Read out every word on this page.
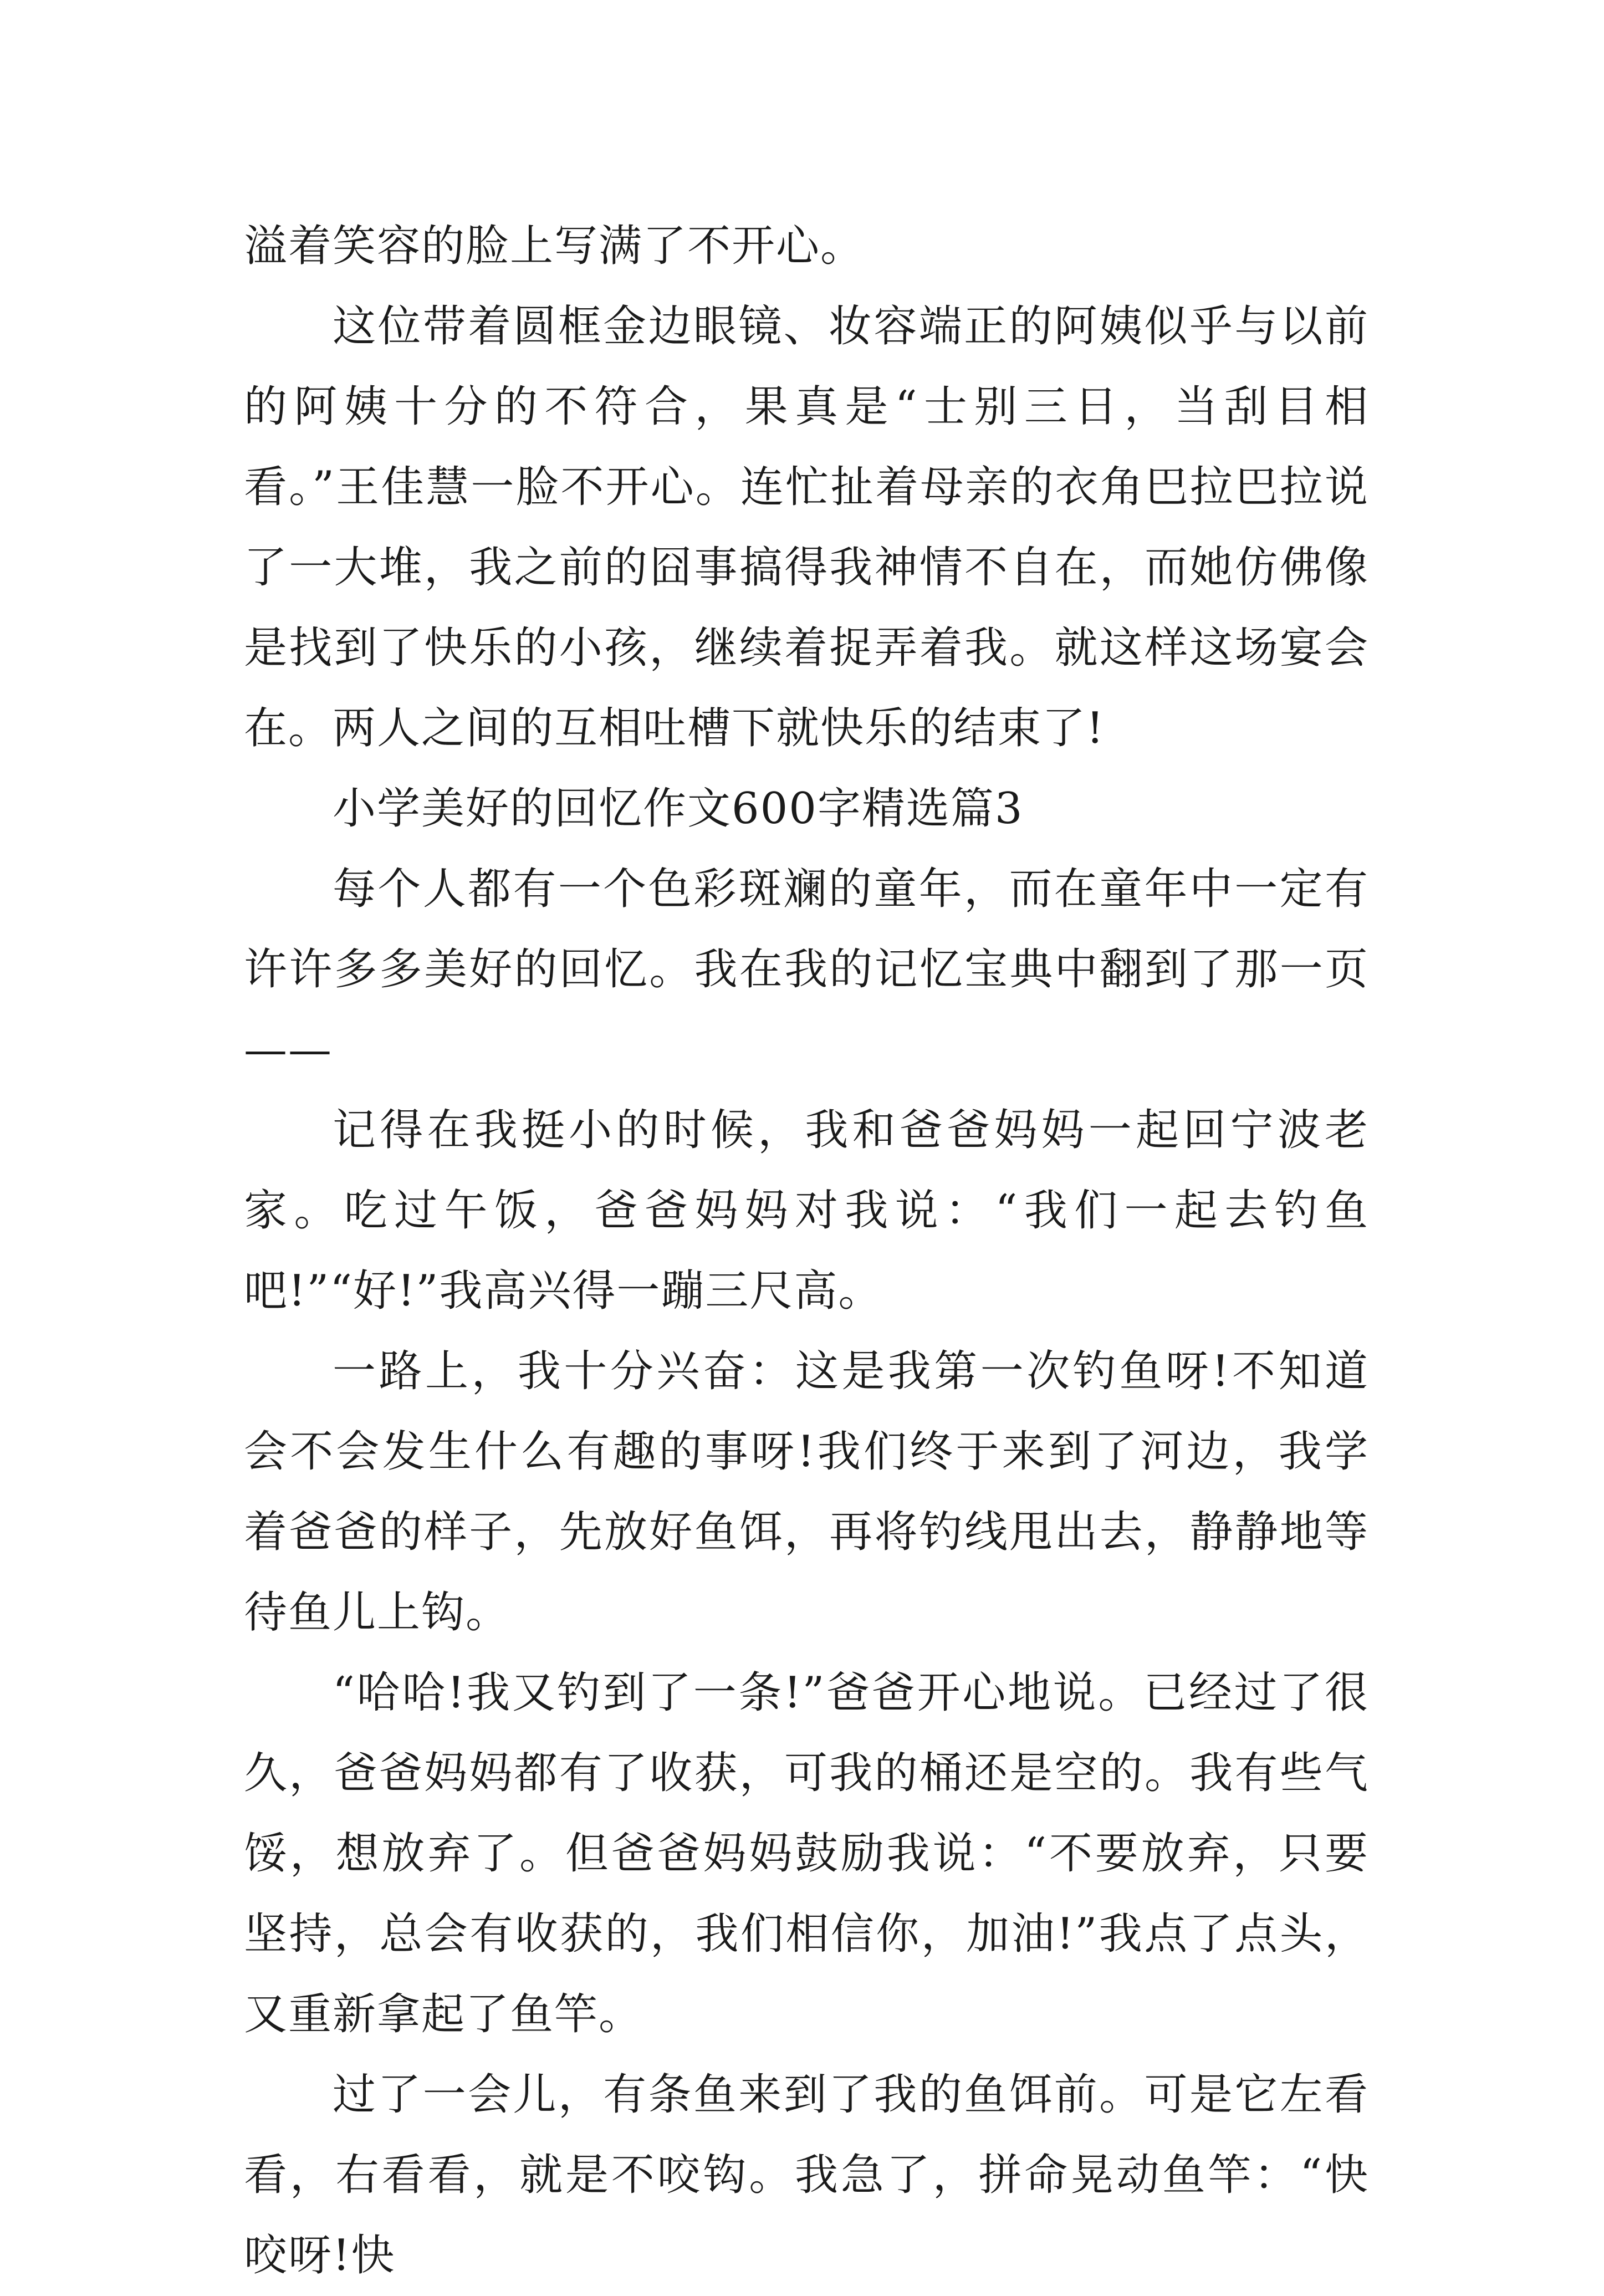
溢着笑容的脸上写满了不开心。

这位带着圆框金边眼镜、妆容端正的阿姨似乎与以前的阿姨十分的不符合，果真是“士别三日，当刮目相看。”王佳慧一脸不开心。连忙扯着母亲的衣角巴拉巴拉说了一大堆，我之前的囧事搞得我神情不自在，而她仿佛像是找到了快乐的小孩，继续着捉弄着我。就这样这场宴会在。两人之间的互相吐槽下就快乐的结束了!

小学美好的回忆作文600字精选篇3

每个人都有一个色彩斑斓的童年，而在童年中一定有许许多多美好的回忆。我在我的记忆宝典中翻到了那一页——

记得在我挺小的时候，我和爸爸妈妈一起回宁波老家。吃过午饭，爸爸妈妈对我说：“我们一起去钓鱼吧!”“好!”我高兴得一蹦三尺高。

一路上，我十分兴奋：这是我第一次钓鱼呀!不知道会不会发生什么有趣的事呀!我们终于来到了河边，我学着爸爸的样子，先放好鱼饵，再将钓线甩出去，静静地等待鱼儿上钩。

“哈哈!我又钓到了一条!”爸爸开心地说。已经过了很久，爸爸妈妈都有了收获，可我的桶还是空的。我有些气馁，想放弃了。但爸爸妈妈鼓励我说：“不要放弃，只要坚持，总会有收获的，我们相信你，加油!”我点了点头，又重新拿起了鱼竿。

过了一会儿，有条鱼来到了我的鱼饵前。可是它左看看，右看看，就是不咬钩。我急了，拼命晃动鱼竿：“快咬呀!快
